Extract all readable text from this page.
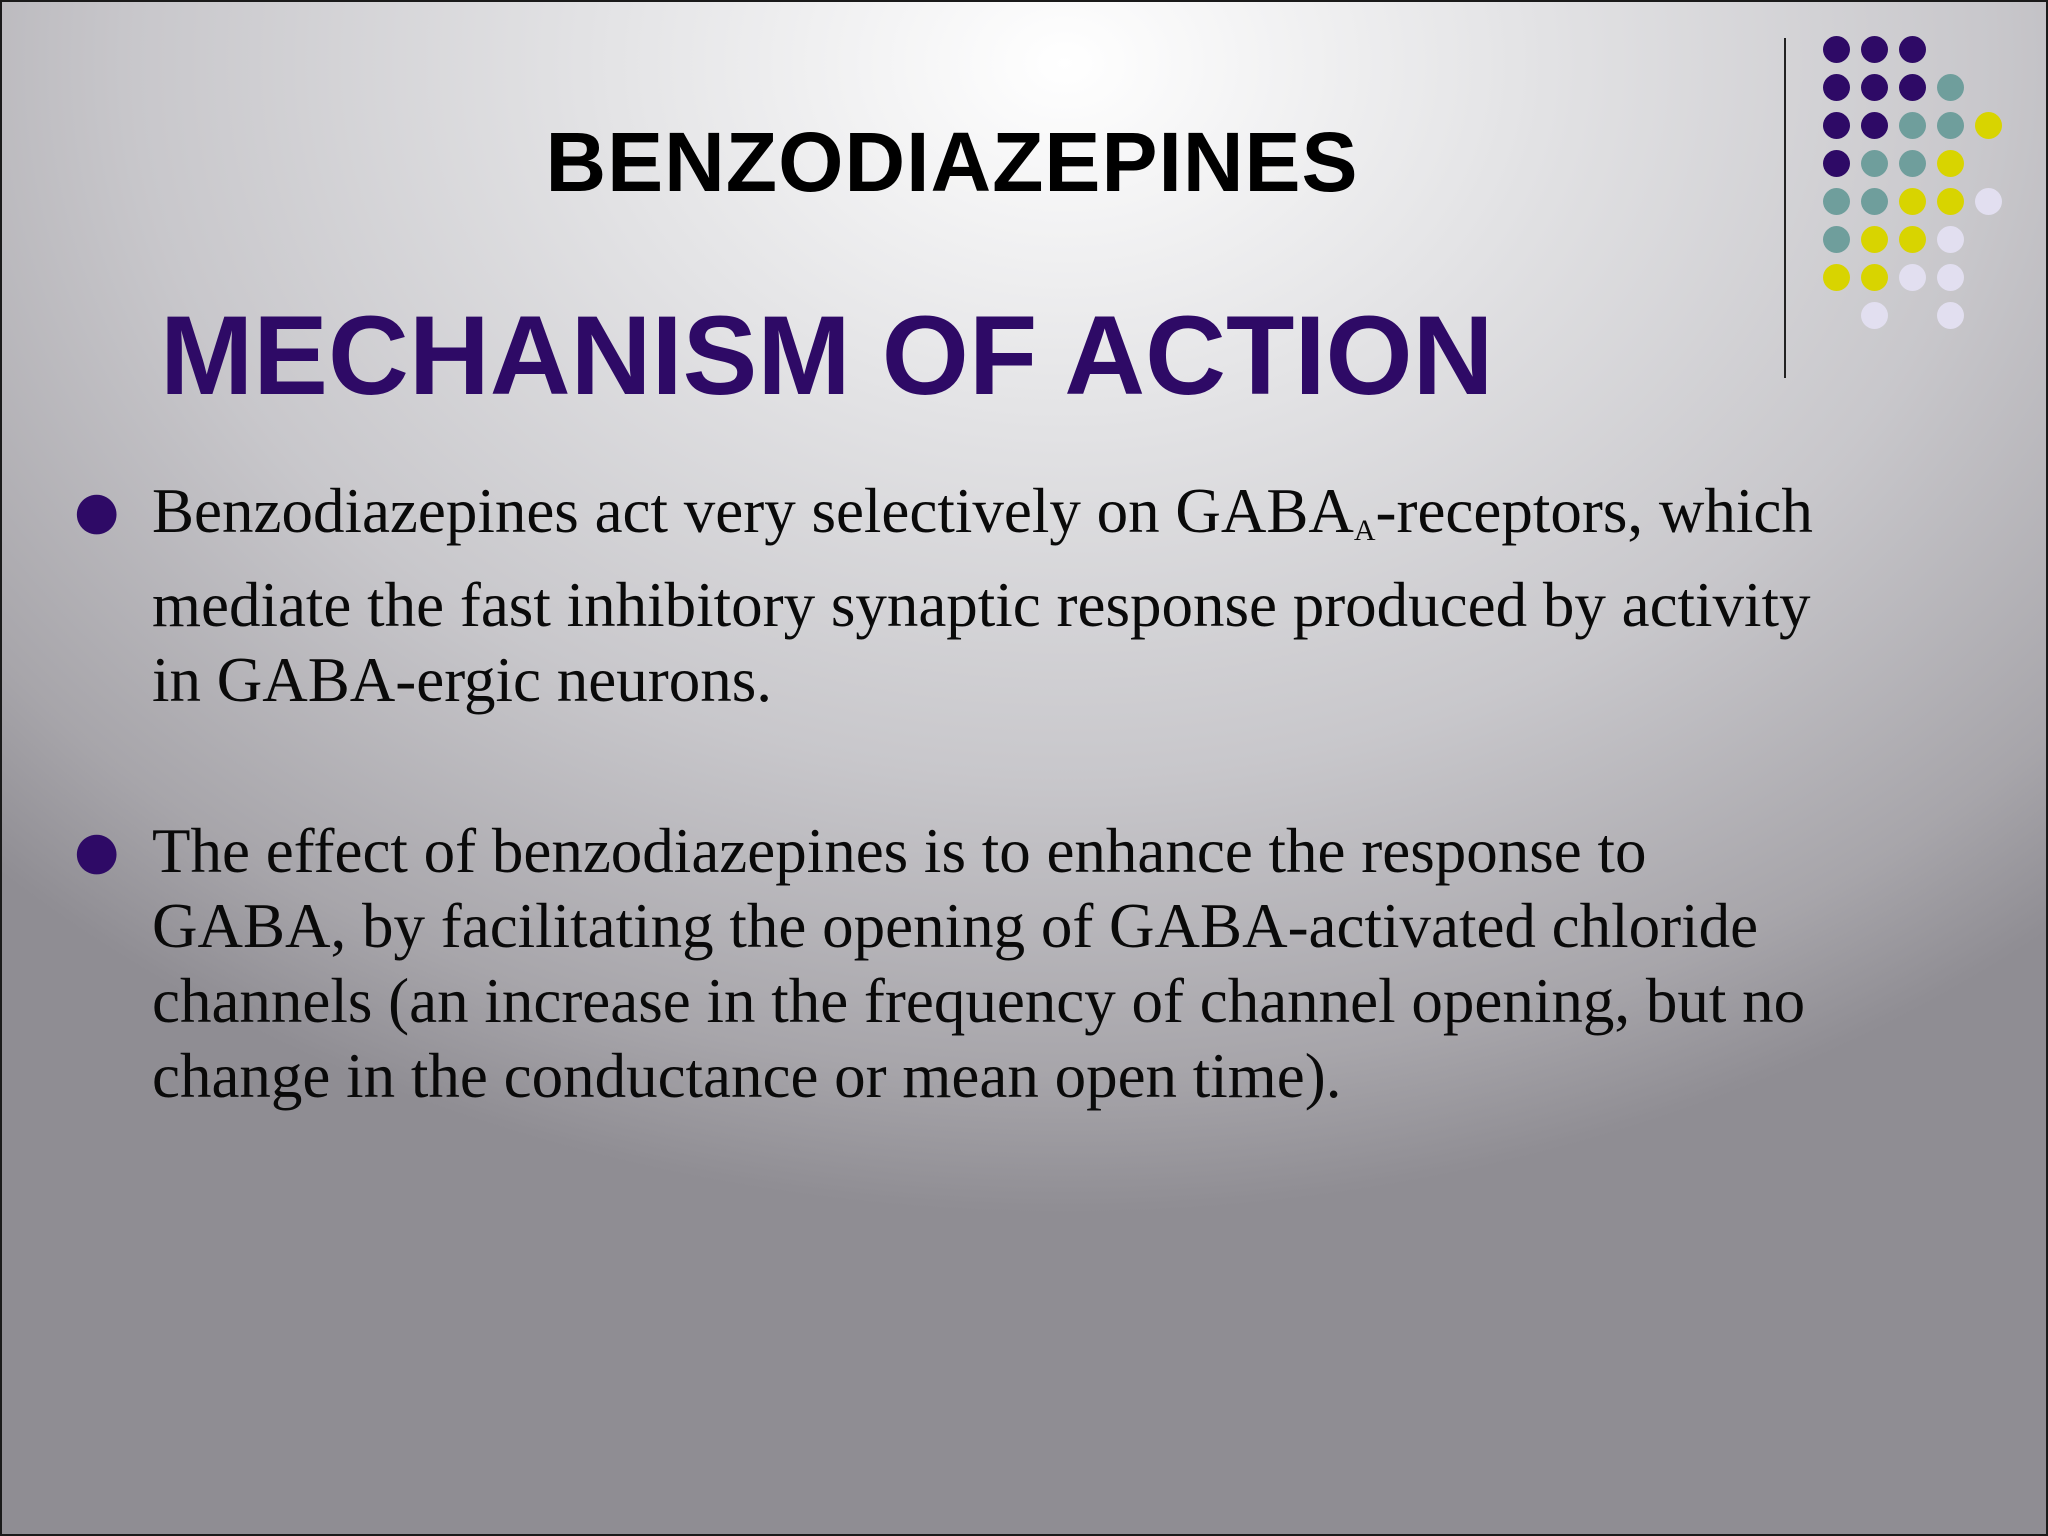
BENZODIAZEPINES
MECHANISM OF ACTION
● Benzodiazepines act very selectively on $GABA_A$-receptors, which
mediate the fast inhibitory synaptic response produced by activity
in GABA-ergic neurons.
● The effect of benzodiazepines is to enhance the response to
GABA, by facilitating the opening of GABA-activated chloride
channels (an increase in the frequency of channel opening, but no
change in the conductance or mean open time).
